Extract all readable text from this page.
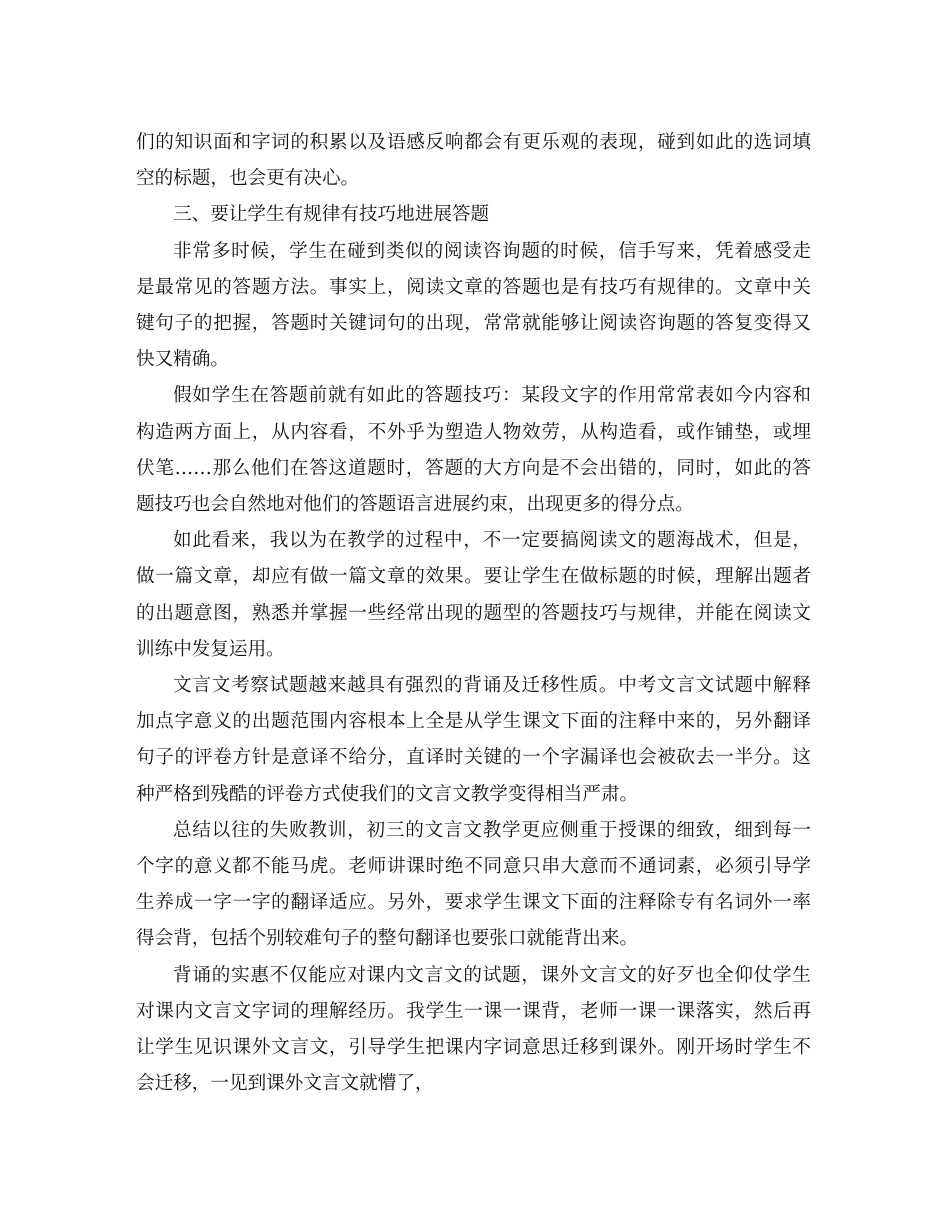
们的知识面和字词的积累以及语感反响都会有更乐观的表现，碰到如此的选词填
空的标题，也会更有决心。

三、要让学生有规律有技巧地进展答题

非常多时候，学生在碰到类似的阅读咨询题的时候，信手写来，凭着感受走
是最常见的答题方法。事实上，阅读文章的答题也是有技巧有规律的。文章中关
键句子的把握，答题时关键词句的出现，常常就能够让阅读咨询题的答复变得又
快又精确。

假如学生在答题前就有如此的答题技巧：某段文字的作用常常表如今内容和
构造两方面上，从内容看，不外乎为塑造人物效劳，从构造看，或作铺垫，或埋
伏笔……那么他们在答这道题时，答题的大方向是不会出错的，同时，如此的答
题技巧也会自然地对他们的答题语言进展约束，出现更多的得分点。

如此看来，我以为在教学的过程中，不一定要搞阅读文的题海战术，但是，
做一篇文章，却应有做一篇文章的效果。要让学生在做标题的时候，理解出题者
的出题意图，熟悉并掌握一些经常出现的题型的答题技巧与规律，并能在阅读文
训练中发复运用。

文言文考察试题越来越具有强烈的背诵及迁移性质。中考文言文试题中解释
加点字意义的出题范围内容根本上全是从学生课文下面的注释中来的，另外翻译
句子的评卷方针是意译不给分，直译时关键的一个字漏译也会被砍去一半分。这
种严格到残酷的评卷方式使我们的文言文教学变得相当严肃。

总结以往的失败教训，初三的文言文教学更应侧重于授课的细致，细到每一
个字的意义都不能马虎。老师讲课时绝不同意只串大意而不通词素，必须引导学
生养成一字一字的翻译适应。另外，要求学生课文下面的注释除专有名词外一率
得会背，包括个别较难句子的整句翻译也要张口就能背出来。

背诵的实惠不仅能应对课内文言文的试题，课外文言文的好歹也全仰仗学生
对课内文言文字词的理解经历。我学生一课一课背，老师一课一课落实，然后再
让学生见识课外文言文，引导学生把课内字词意思迁移到课外。刚开场时学生不
会迁移，一见到课外文言文就懵了，
